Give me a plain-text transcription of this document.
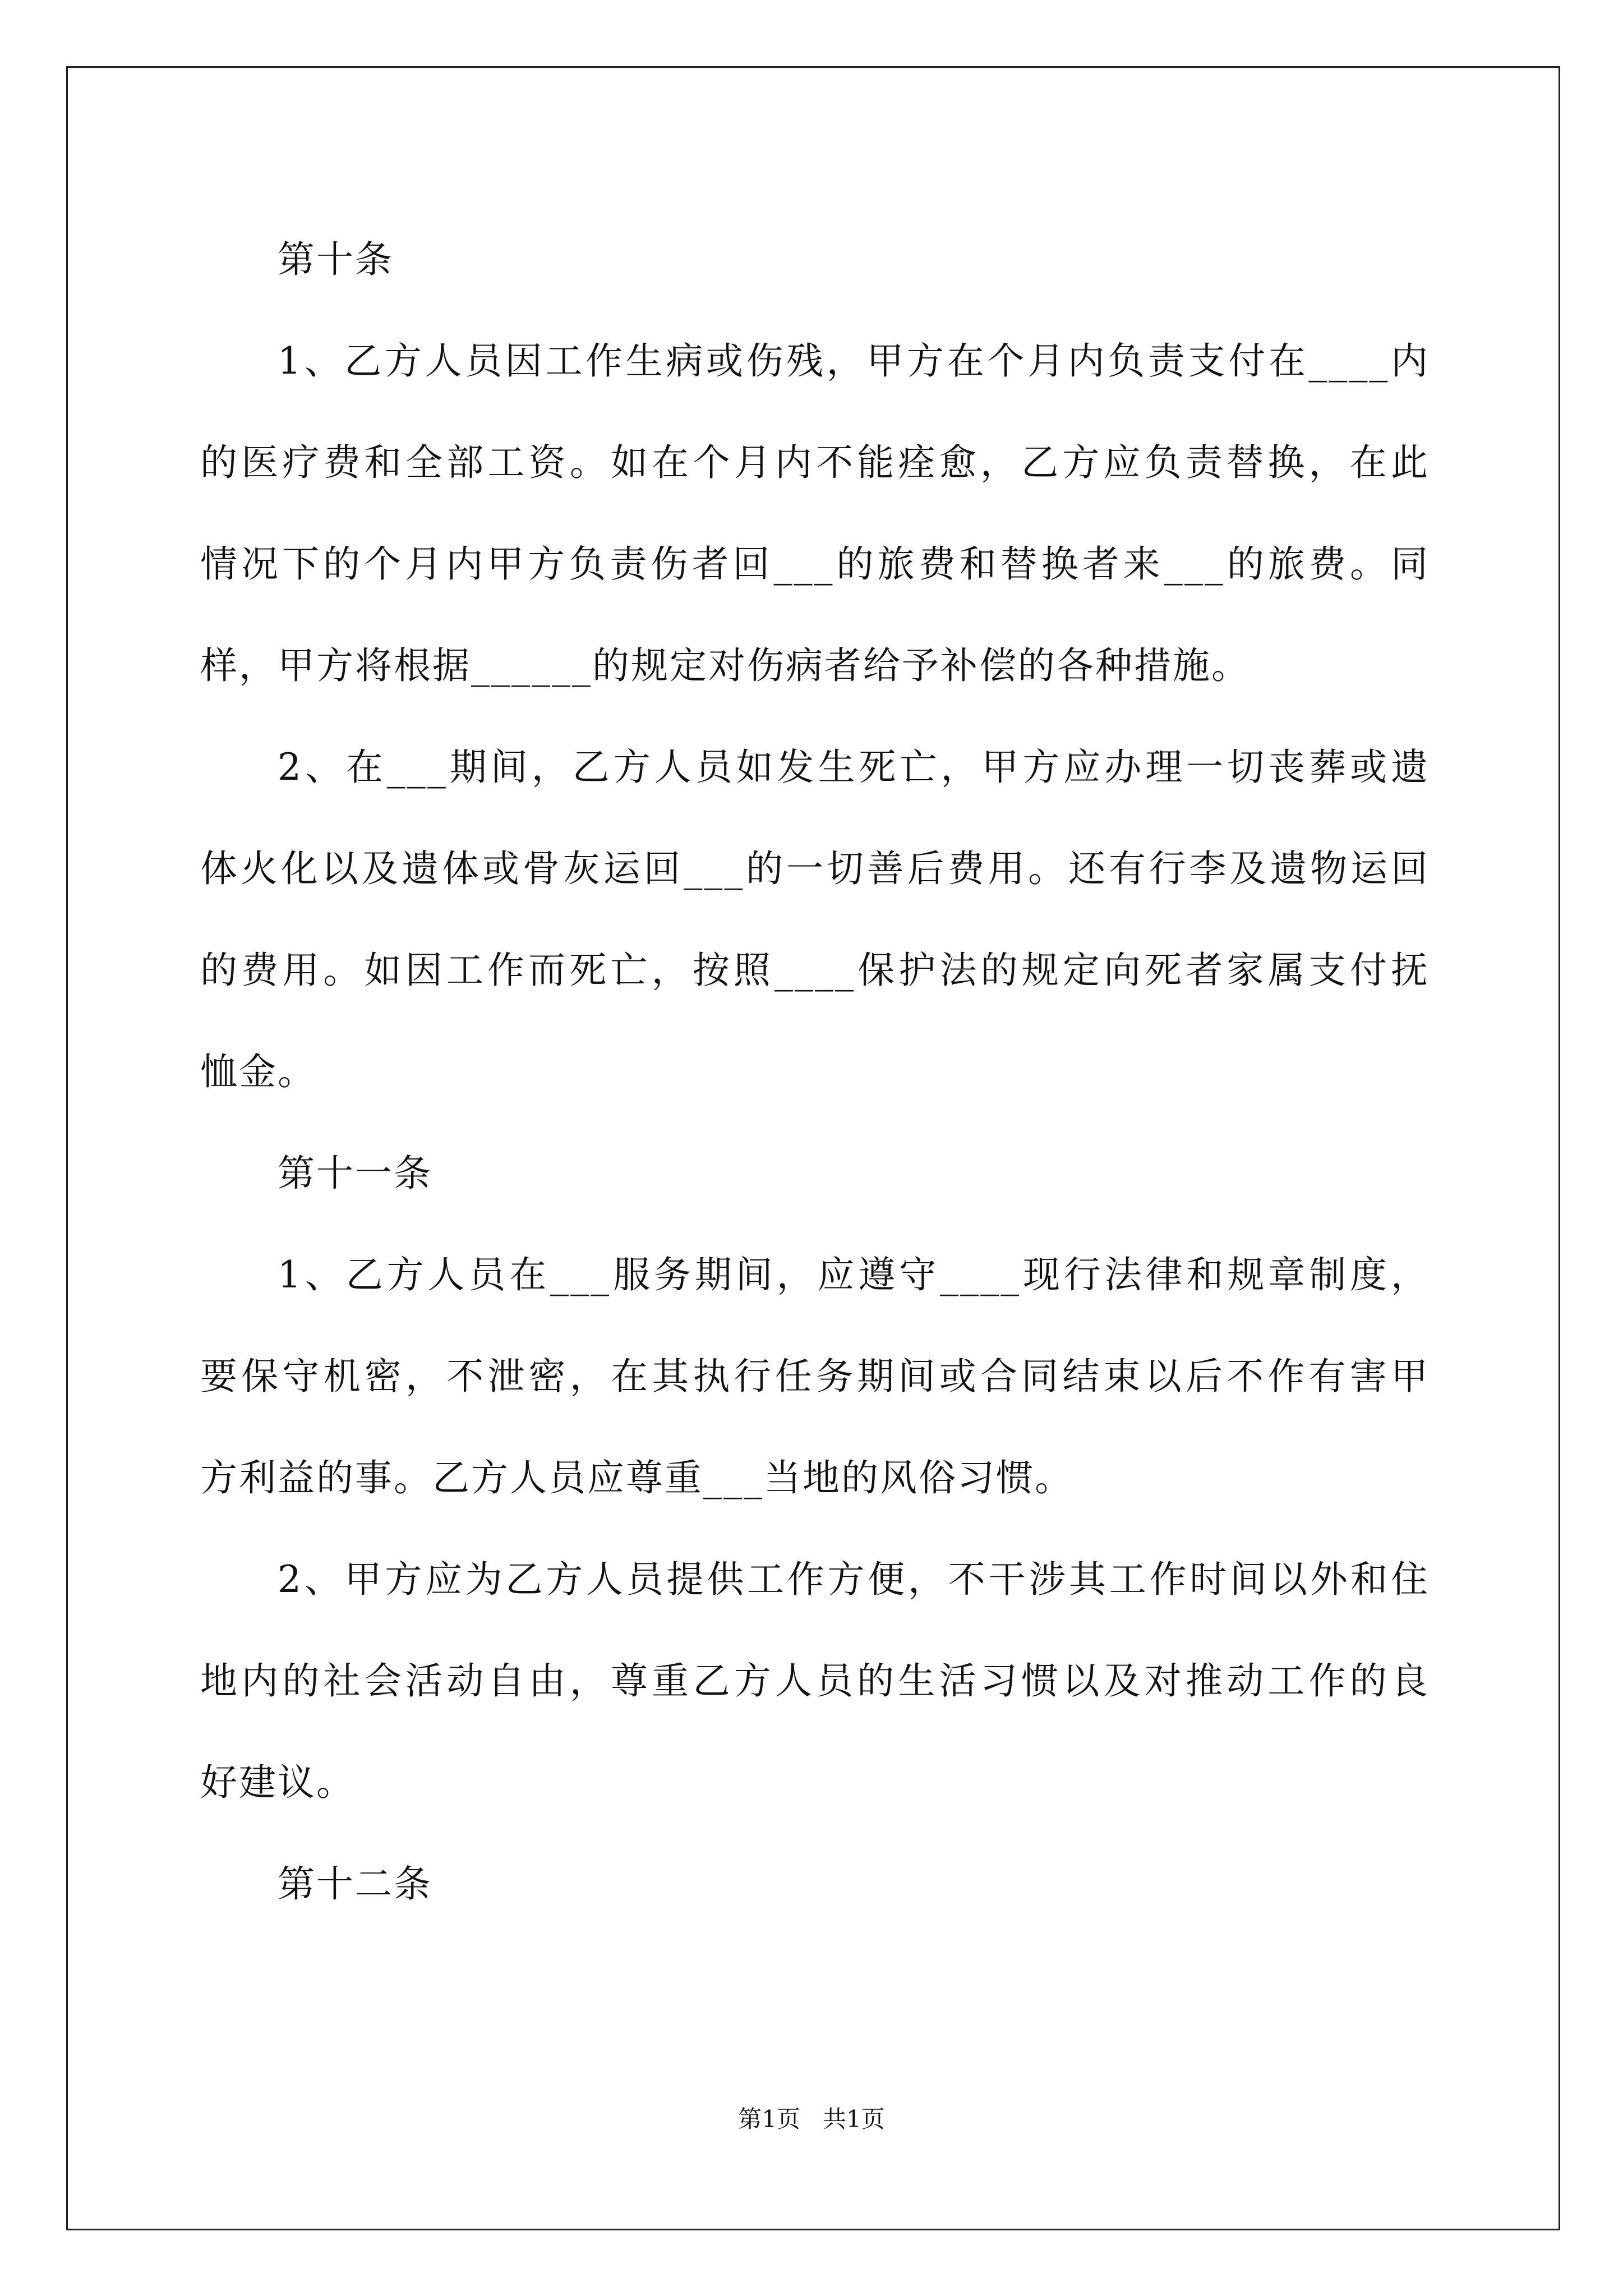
第十条
1、乙方人员因工作生病或伤残，甲方在个月内负责支付在____内
的医疗费和全部工资。如在个月内不能痊愈，乙方应负责替换，在此
情况下的个月内甲方负责伤者回___的旅费和替换者来___的旅费。同
样，甲方将根据______的规定对伤病者给予补偿的各种措施。
2、在___期间，乙方人员如发生死亡，甲方应办理一切丧葬或遗
体火化以及遗体或骨灰运回___的一切善后费用。还有行李及遗物运回
的费用。如因工作而死亡，按照____保护法的规定向死者家属支付抚
恤金。
第十一条
1、乙方人员在___服务期间，应遵守____现行法律和规章制度，
要保守机密，不泄密，在其执行任务期间或合同结束以后不作有害甲
方利益的事。乙方人员应尊重___当地的风俗习惯。
2、甲方应为乙方人员提供工作方便，不干涉其工作时间以外和住
地内的社会活动自由，尊重乙方人员的生活习惯以及对推动工作的良
好建议。
第十二条
第1页   共1页
